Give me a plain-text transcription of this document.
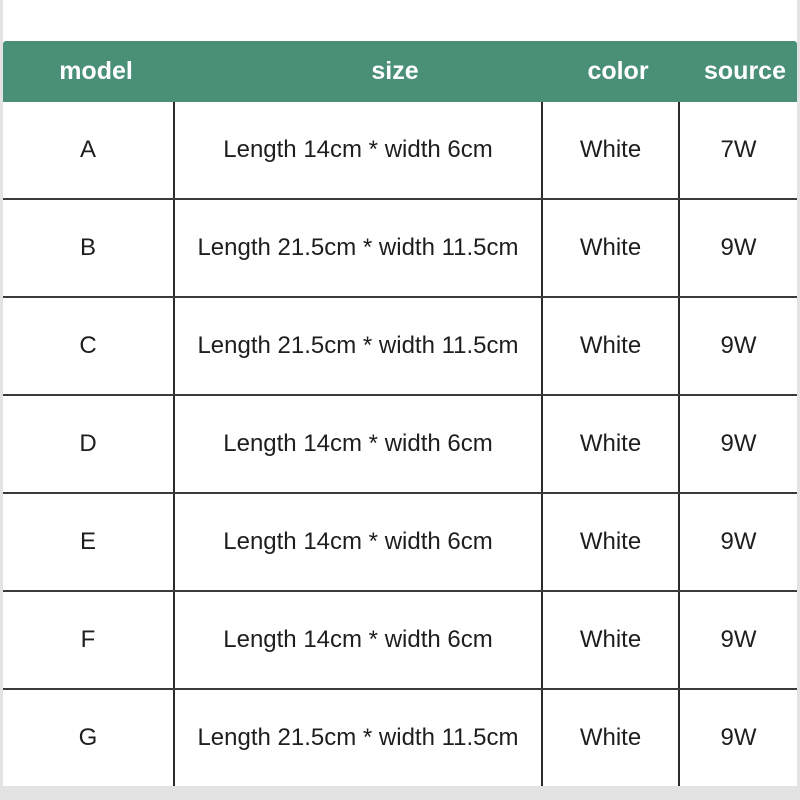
model	size	color	source
A	Length 14cm * width 6cm	White	7W
B	Length 21.5cm * width 11.5cm	White	9W
C	Length 21.5cm * width 11.5cm	White	9W
D	Length 14cm * width 6cm	White	9W
E	Length 14cm * width 6cm	White	9W
F	Length 14cm * width 6cm	White	9W
G	Length 21.5cm * width 11.5cm	White	9W
